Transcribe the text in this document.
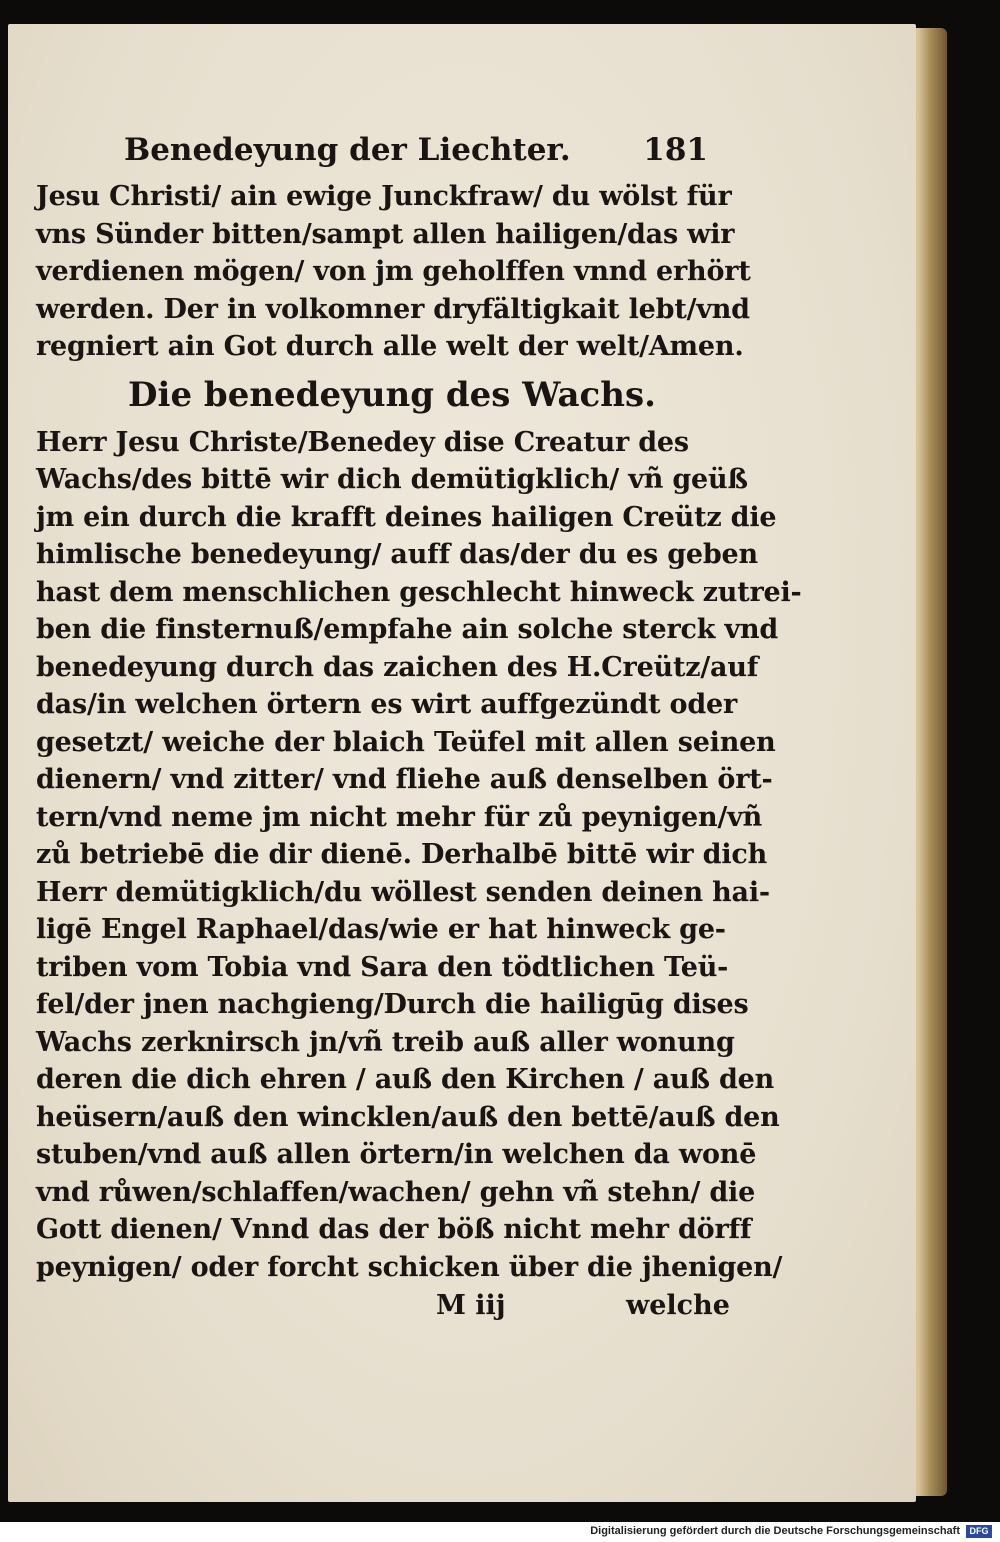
Benedeyung der Liechter. 181
Jesu Christi/ ain ewige Junckfraw/ du wölst für
vns Sünder bitten/sampt allen hailigen/das wir
verdienen mögen/ von jm geholffen vnnd erhört
werden. Der in volkomner dryfältigkait lebt/vnd
regniert ain Got durch alle welt der welt/Amen.
Die benedeyung des Wachs.
Herr Jesu Christe/Benedey dise Creatur des
Wachs/des bittē wir dich demütigklich/ vñ geüß
jm ein durch die krafft deines hailigen Creütz die
himlische benedeyung/ auff das/der du es geben
hast dem menschlichen geschlecht hinweck zutrei-
ben die finsternuß/empfahe ain solche sterck vnd
benedeyung durch das zaichen des H.Creütz/auf
das/in welchen örtern es wirt auffgezündt oder
gesetzt/ weiche der blaich Teüfel mit allen seinen
dienern/ vnd zitter/ vnd fliehe auß denselben ört-
tern/vnd neme jm nicht mehr für zů peynigen/vñ
zů betriebē die dir dienē. Derhalbē bittē wir dich
Herr demütigklich/du wöllest senden deinen hai-
ligē Engel Raphael/das/wie er hat hinweck ge-
triben vom Tobia vnd Sara den tödtlichen Teü-
fel/der jnen nachgieng/Durch die hailigūg dises
Wachs zerknirsch jn/vñ treib auß aller wonung
deren die dich ehren / auß den Kirchen / auß den
heüsern/auß den wincklen/auß den bettē/auß den
stuben/vnd auß allen örtern/in welchen da wonē
vnd růwen/schlaffen/wachen/ gehn vñ stehn/ die
Gott dienen/ Vnnd das der böß nicht mehr dörff
peynigen/ oder forcht schicken über die jhenigen/
M iij	welche
Digitalisierung gefördert durch die Deutsche Forschungsgemeinschaft	DFG
